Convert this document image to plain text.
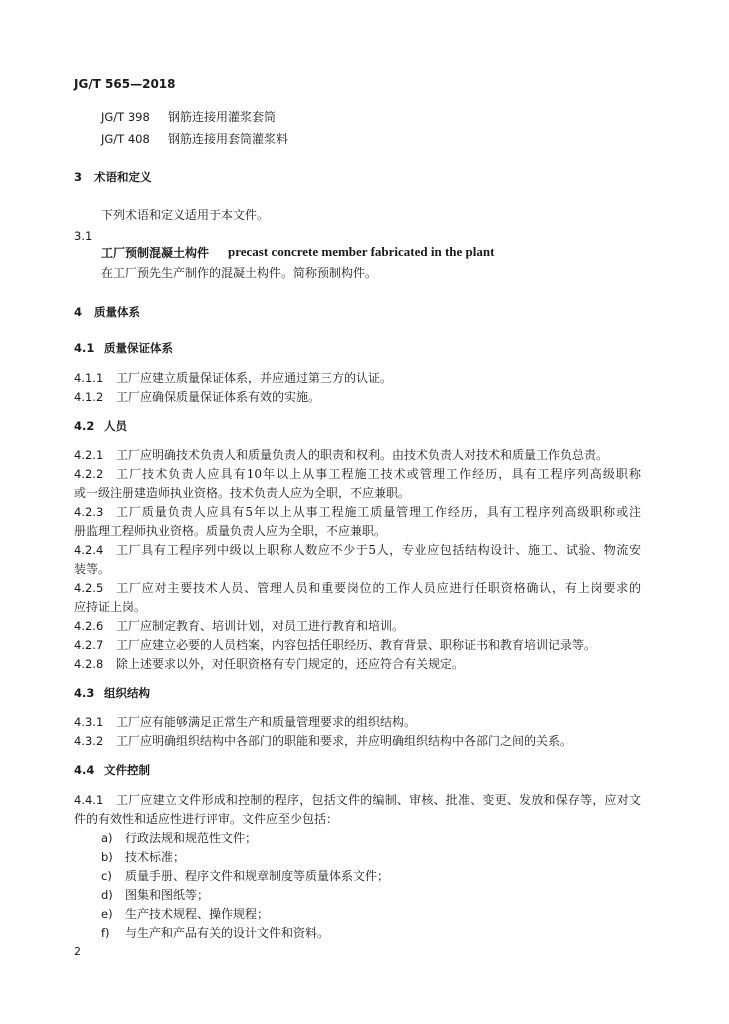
JG/T 565—2018
JG/T 398 钢筋连接用灌浆套筒
JG/T 408 钢筋连接用套筒灌浆料
3 术语和定义
下列术语和定义适用于本文件。
3.1
工厂预制混凝土构件 precast concrete member fabricated in the plant
在工厂预先生产制作的混凝土构件。简称预制构件。
4 质量体系
4.1 质量保证体系
4.1.1 工厂应建立质量保证体系，并应通过第三方的认证。
4.1.2 工厂应确保质量保证体系有效的实施。
4.2 人员
4.2.1 工厂应明确技术负责人和质量负责人的职责和权利。由技术负责人对技术和质量工作负总责。
4.2.2 工厂技术负责人应具有10年以上从事工程施工技术或管理工作经历，具有工程序列高级职称
或一级注册建造师执业资格。技术负责人应为全职，不应兼职。
4.2.3 工厂质量负责人应具有5年以上从事工程施工质量管理工作经历，具有工程序列高级职称或注
册监理工程师执业资格。质量负责人应为全职，不应兼职。
4.2.4 工厂具有工程序列中级以上职称人数应不少于5人，专业应包括结构设计、施工、试验、物流安
装等。
4.2.5 工厂应对主要技术人员、管理人员和重要岗位的工作人员应进行任职资格确认，有上岗要求的
应持证上岗。
4.2.6 工厂应制定教育、培训计划，对员工进行教育和培训。
4.2.7 工厂应建立必要的人员档案，内容包括任职经历、教育背景、职称证书和教育培训记录等。
4.2.8 除上述要求以外，对任职资格有专门规定的，还应符合有关规定。
4.3 组织结构
4.3.1 工厂应有能够满足正常生产和质量管理要求的组织结构。
4.3.2 工厂应明确组织结构中各部门的职能和要求，并应明确组织结构中各部门之间的关系。
4.4 文件控制
4.4.1 工厂应建立文件形成和控制的程序，包括文件的编制、审核、批准、变更、发放和保存等，应对文
件的有效性和适应性进行评审。文件应至少包括：
a) 行政法规和规范性文件；
b) 技术标准；
c) 质量手册、程序文件和规章制度等质量体系文件；
d) 图集和图纸等；
e) 生产技术规程、操作规程；
f) 与生产和产品有关的设计文件和资料。
2
